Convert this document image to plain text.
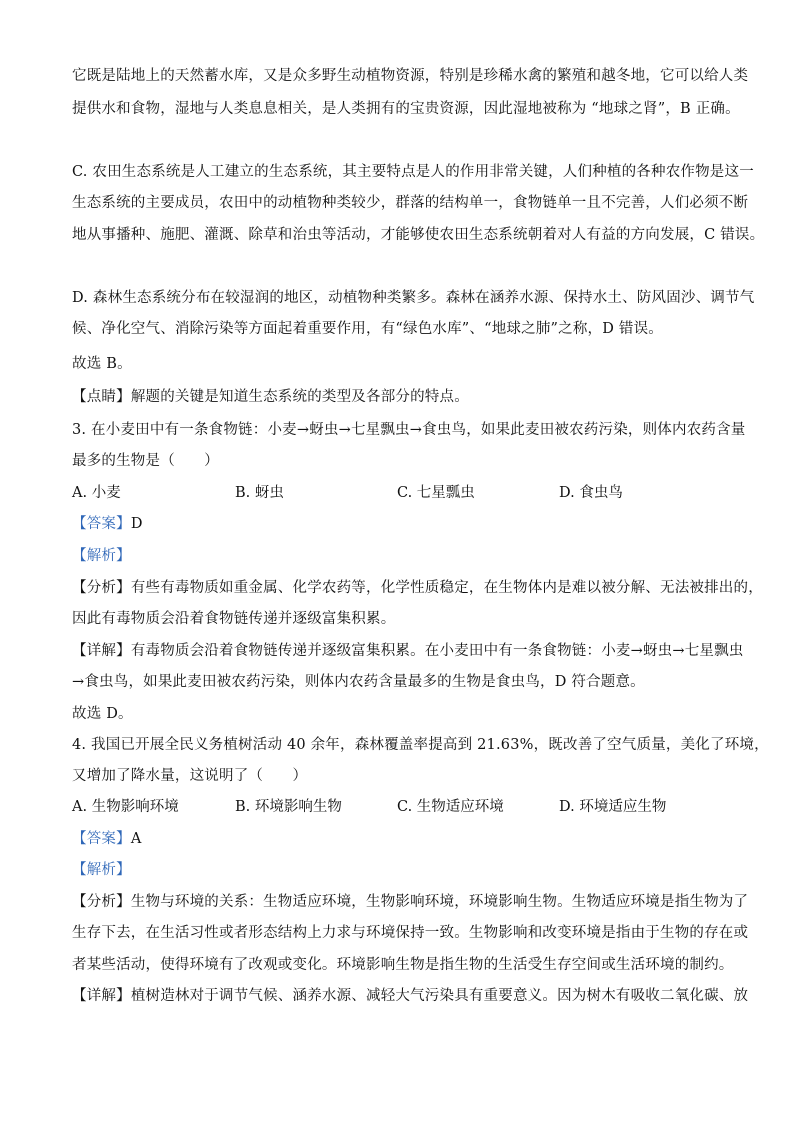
它既是陆地上的天然蓄水库，又是众多野生动植物资源，特别是珍稀水禽的繁殖和越冬地，它可以给人类
提供水和食物，湿地与人类息息相关，是人类拥有的宝贵资源，因此湿地被称为 “地球之肾”，B 正确。
C. 农田生态系统是人工建立的生态系统，其主要特点是人的作用非常关键，人们种植的各种农作物是这一
生态系统的主要成员，农田中的动植物种类较少，群落的结构单一，食物链单一且不完善，人们必须不断
地从事播种、施肥、灌溉、除草和治虫等活动，才能够使农田生态系统朝着对人有益的方向发展，C 错误。
D. 森林生态系统分布在较湿润的地区，动植物种类繁多。森林在涵养水源、保持水土、防风固沙、调节气
候、净化空气、消除污染等方面起着重要作用，有“绿色水库”、“地球之肺”之称，D 错误。
故选 B。
【点睛】解题的关键是知道生态系统的类型及各部分的特点。
3. 在小麦田中有一条食物链：小麦→蚜虫→七星飘虫→食虫鸟，如果此麦田被农药污染，则体内农药含量
最多的生物是（　　）
A. 小麦	B. 蚜虫	C. 七星瓢虫	D. 食虫鸟
【答案】D
【解析】
【分析】有些有毒物质如重金属、化学农药等，化学性质稳定，在生物体内是难以被分解、无法被排出的，
因此有毒物质会沿着食物链传递并逐级富集积累。
【详解】有毒物质会沿着食物链传递并逐级富集积累。在小麦田中有一条食物链：小麦→蚜虫→七星飘虫
→食虫鸟，如果此麦田被农药污染，则体内农药含量最多的生物是食虫鸟，D 符合题意。
故选 D。
4. 我国已开展全民义务植树活动 40 余年，森林覆盖率提高到 21.63%，既改善了空气质量，美化了环境，
又增加了降水量，这说明了（　　）
A. 生物影响环境	B. 环境影响生物	C. 生物适应环境	D. 环境适应生物
【答案】A
【解析】
【分析】生物与环境的关系：生物适应环境，生物影响环境，环境影响生物。生物适应环境是指生物为了
生存下去，在生活习性或者形态结构上力求与环境保持一致。生物影响和改变环境是指由于生物的存在或
者某些活动，使得环境有了改观或变化。环境影响生物是指生物的生活受生存空间或生活环境的制约。
【详解】植树造林对于调节气候、涵养水源、减轻大气污染具有重要意义。因为树木有吸收二氧化碳、放
